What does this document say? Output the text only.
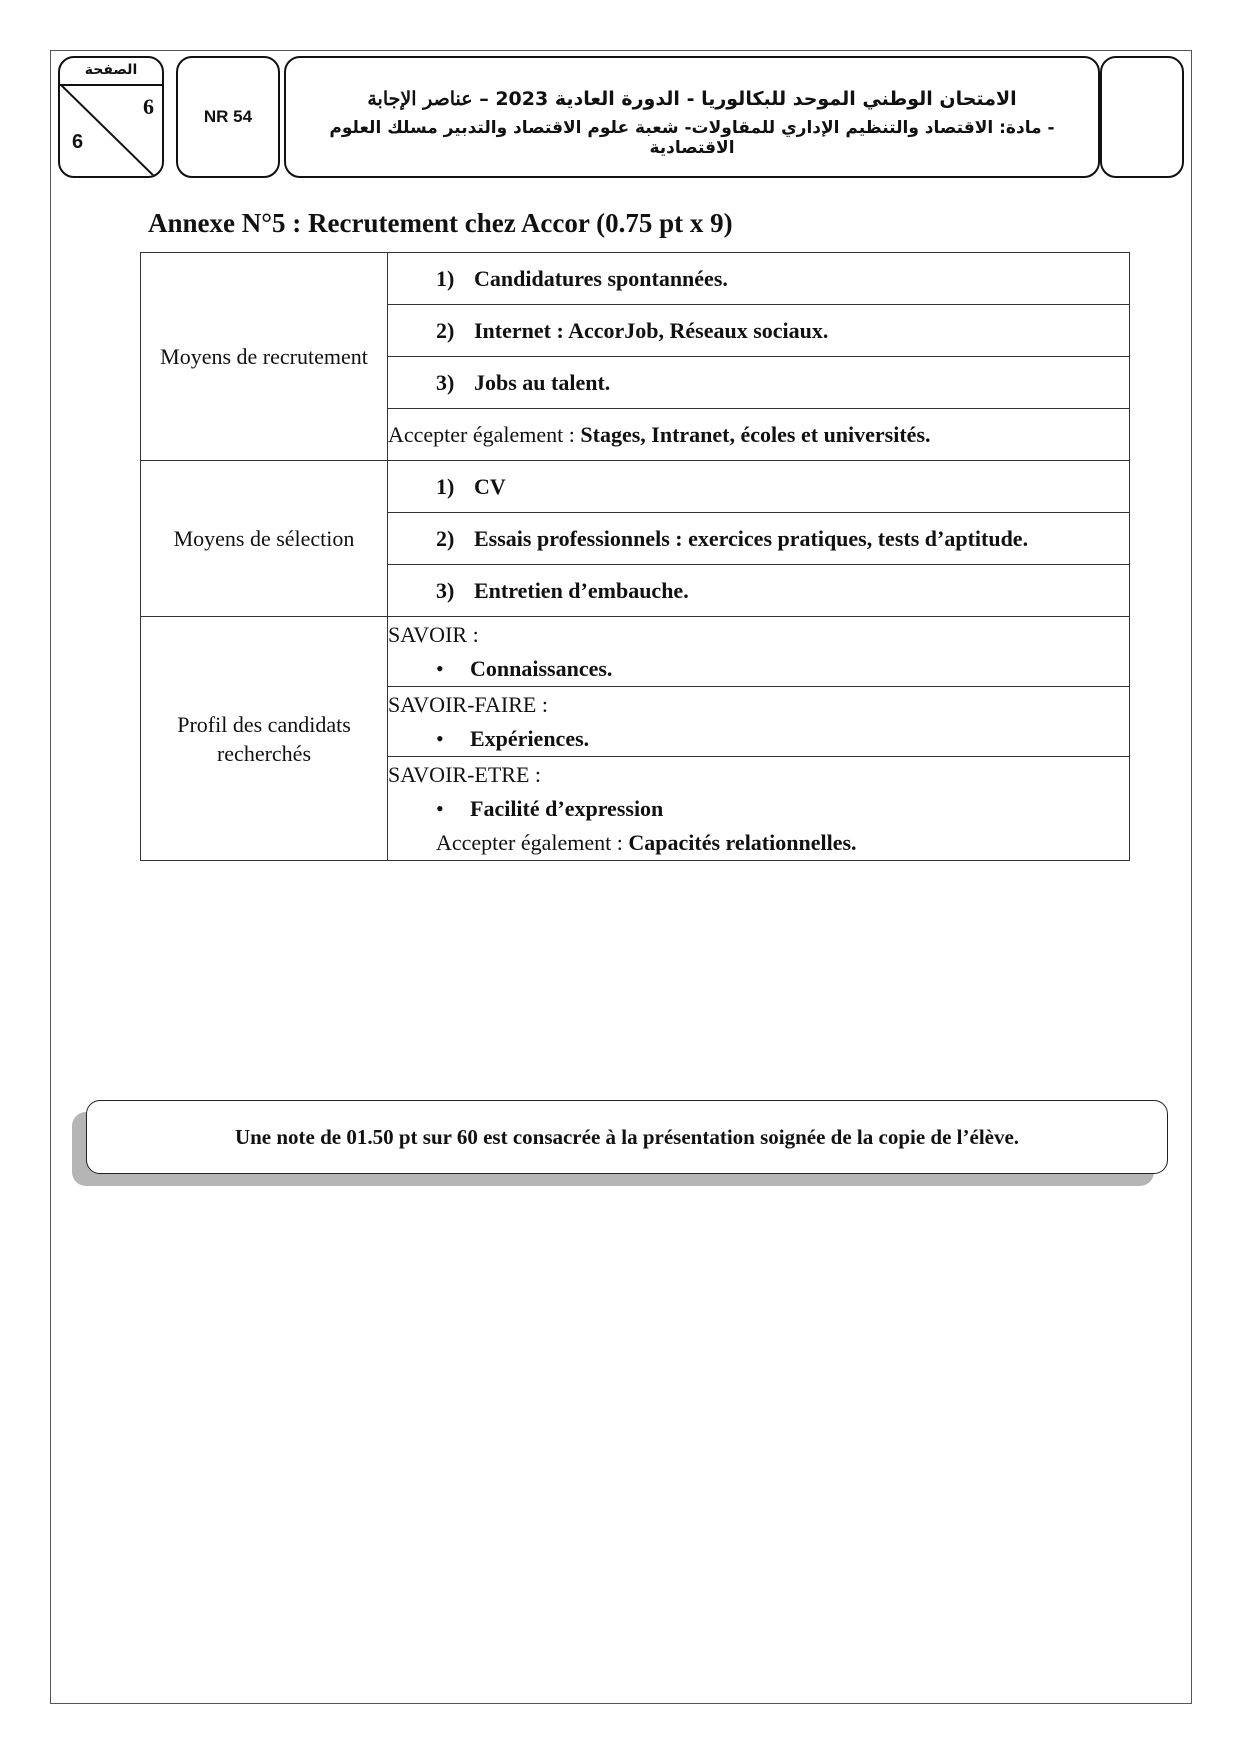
الصفحة
6
6
NR 54
الامتحان الوطني الموحد للبكالوريا - الدورة العادية 2023 – عناصر الإجابة
- مادة: الاقتصاد والتنظيم الإداري للمقاولات- شعبة علوم الاقتصاد والتدبير مسلك العلوم الاقتصادية
Annexe N°5 : Recrutement chez Accor (0.75 pt x 9)
Moyens de recrutement	1) Candidatures spontannées.
	2) Internet : AccorJob, Réseaux sociaux.
	3) Jobs au talent.
	Accepter également : Stages, Intranet, écoles et universités.
Moyens de sélection	1) CV
	2) Essais professionnels : exercices pratiques, tests d’aptitude.
	3) Entretien d’embauche.
Profil des candidats recherchés	SAVOIR :
• Connaissances.

	SAVOIR-FAIRE :
• Expériences.

	SAVOIR-ETRE :
• Facilité d’expression
Accepter également : Capacités relationnelles.
Une note de 01.50 pt sur 60 est consacrée à la présentation soignée de la copie de l’élève.
